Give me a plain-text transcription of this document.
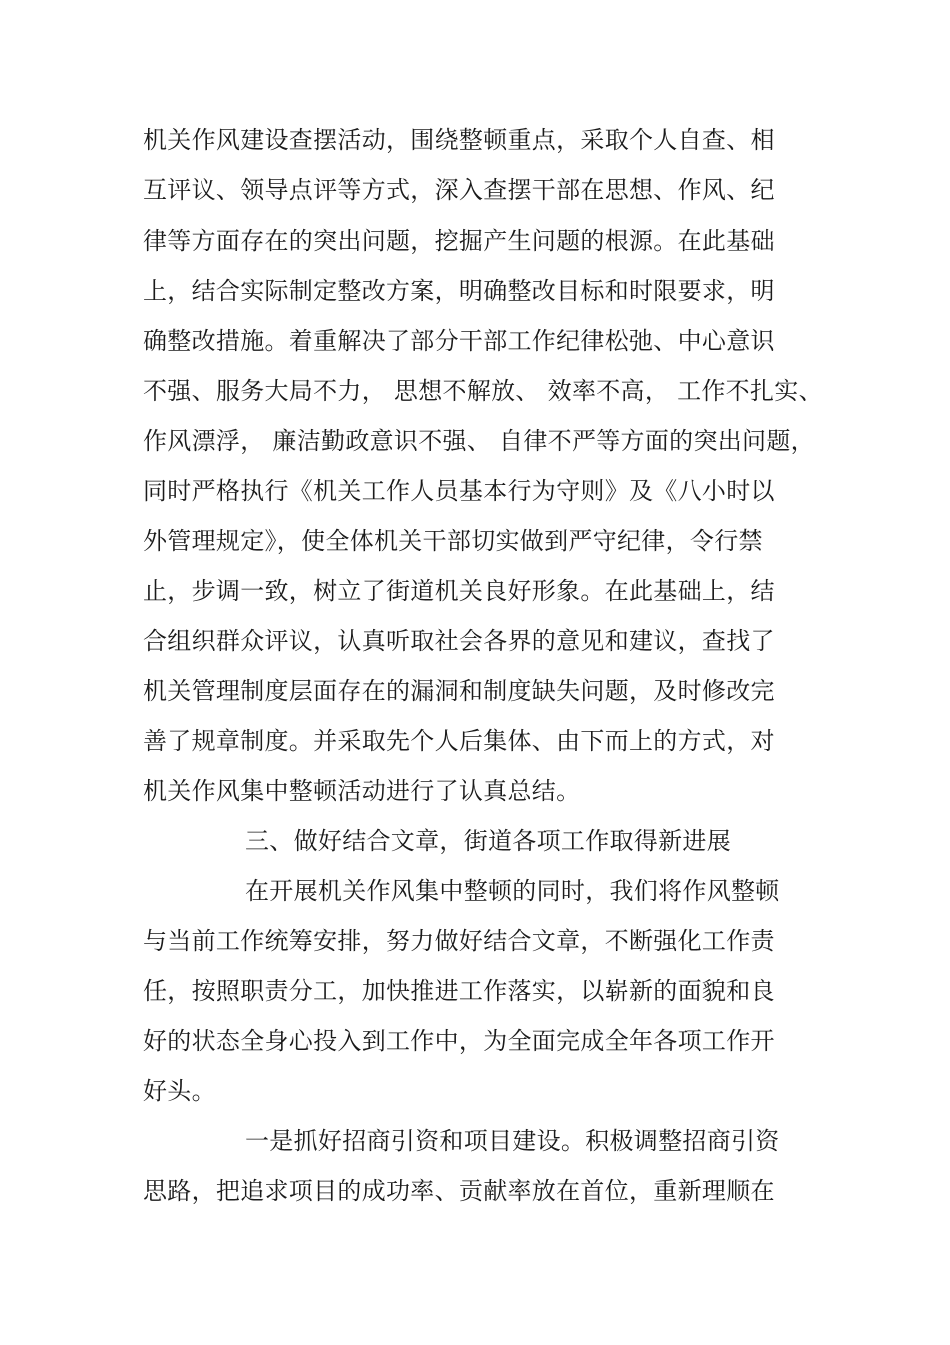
机关作风建设查摆活动，围绕整顿重点，采取个人自查、相
互评议、领导点评等方式，深入查摆干部在思想、作风、纪
律等方面存在的突出问题，挖掘产生问题的根源。在此基础
上，结合实际制定整改方案，明确整改目标和时限要求，明
确整改措施。着重解决了部分干部工作纪律松弛、中心意识
不强、服务大局不力， 思想不解放、 效率不高， 工作不扎实、
作风漂浮， 廉洁勤政意识不强、 自律不严等方面的突出问题，
同时严格执行《机关工作人员基本行为守则》及《八小时以
外管理规定》，使全体机关干部切实做到严守纪律，令行禁
止，步调一致，树立了街道机关良好形象。在此基础上，结
合组织群众评议，认真听取社会各界的意见和建议，查找了
机关管理制度层面存在的漏洞和制度缺失问题，及时修改完
善了规章制度。并采取先个人后集体、由下而上的方式，对
机关作风集中整顿活动进行了认真总结。
三、做好结合文章，街道各项工作取得新进展
在开展机关作风集中整顿的同时，我们将作风整顿
与当前工作统筹安排，努力做好结合文章，不断强化工作责
任，按照职责分工，加快推进工作落实，以崭新的面貌和良
好的状态全身心投入到工作中，为全面完成全年各项工作开
好头。
一是抓好招商引资和项目建设。积极调整招商引资
思路，把追求项目的成功率、贡献率放在首位，重新理顺在
